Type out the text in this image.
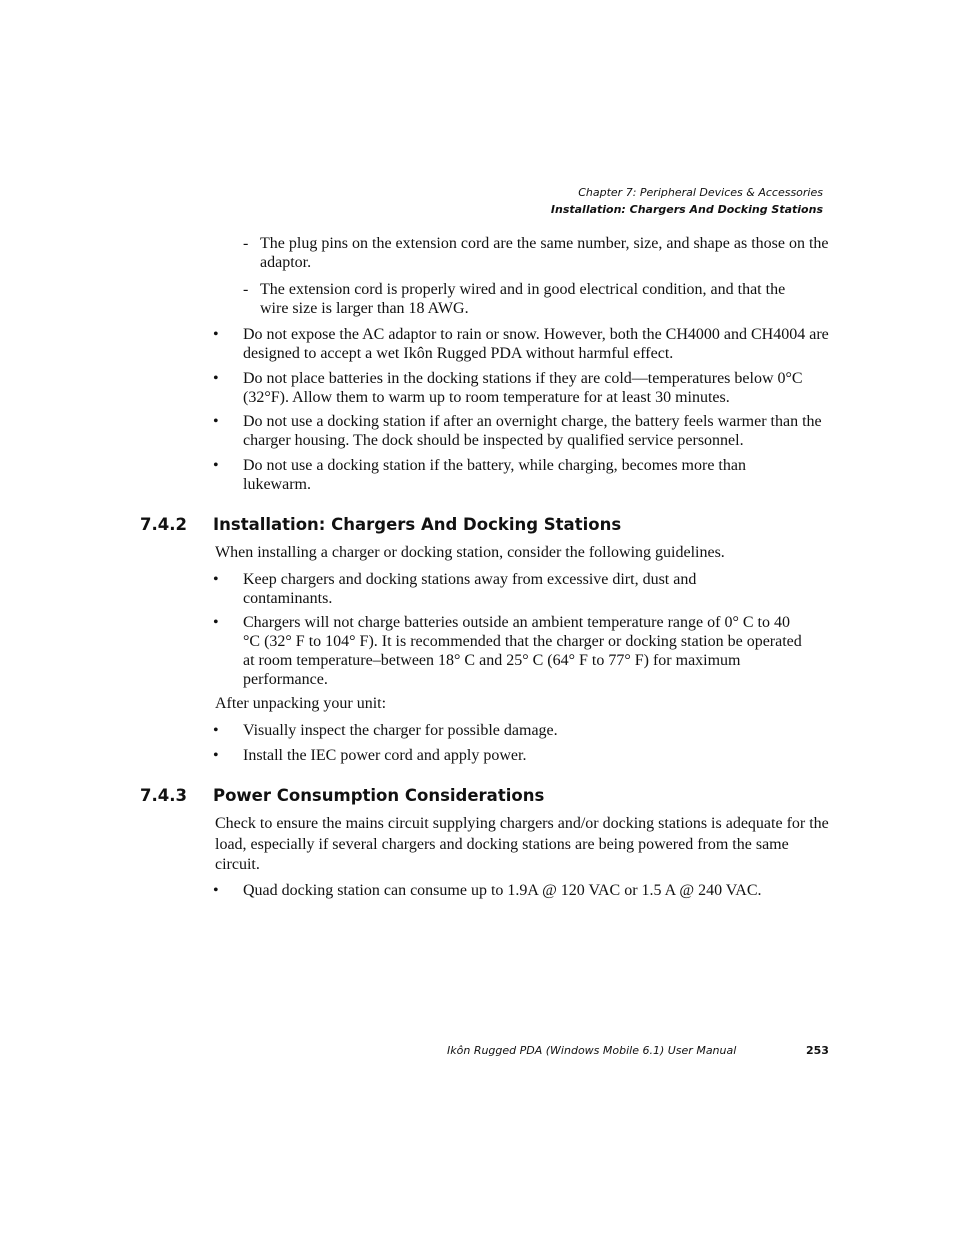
Chapter 7: Peripheral Devices & Accessories
Installation: Chargers And Docking Stations
- The plug pins on the extension cord are the same number, size, and shape as those on the adaptor.
- The extension cord is properly wired and in good electrical condition, and that the wire size is larger than 18 AWG.
• Do not expose the AC adaptor to rain or snow. However, both the CH4000 and CH4004 are designed to accept a wet Ikôn Rugged PDA without harmful effect.
• Do not place batteries in the docking stations if they are cold—temperatures below 0°C (32°F). Allow them to warm up to room temperature for at least 30 minutes.
• Do not use a docking station if after an overnight charge, the battery feels warmer than the charger housing. The dock should be inspected by qualified service personnel.
• Do not use a docking station if the battery, while charging, becomes more than lukewarm.
7.4.2 Installation: Chargers And Docking Stations
When installing a charger or docking station, consider the following guidelines.
• Keep chargers and docking stations away from excessive dirt, dust and contaminants.
• Chargers will not charge batteries outside an ambient temperature range of 0° C to 40 °C (32° F to 104° F). It is recommended that the charger or docking station be operated at room temperature–between 18° C and 25° C (64° F to 77° F) for maximum performance.
After unpacking your unit:
• Visually inspect the charger for possible damage.
• Install the IEC power cord and apply power.
7.4.3 Power Consumption Considerations
Check to ensure the mains circuit supplying chargers and/or docking stations is adequate for the load, especially if several chargers and docking stations are being powered from the same circuit.
• Quad docking station can consume up to 1.9A @ 120 VAC or 1.5 A @ 240 VAC.
Ikôn Rugged PDA (Windows Mobile 6.1) User Manual	253
